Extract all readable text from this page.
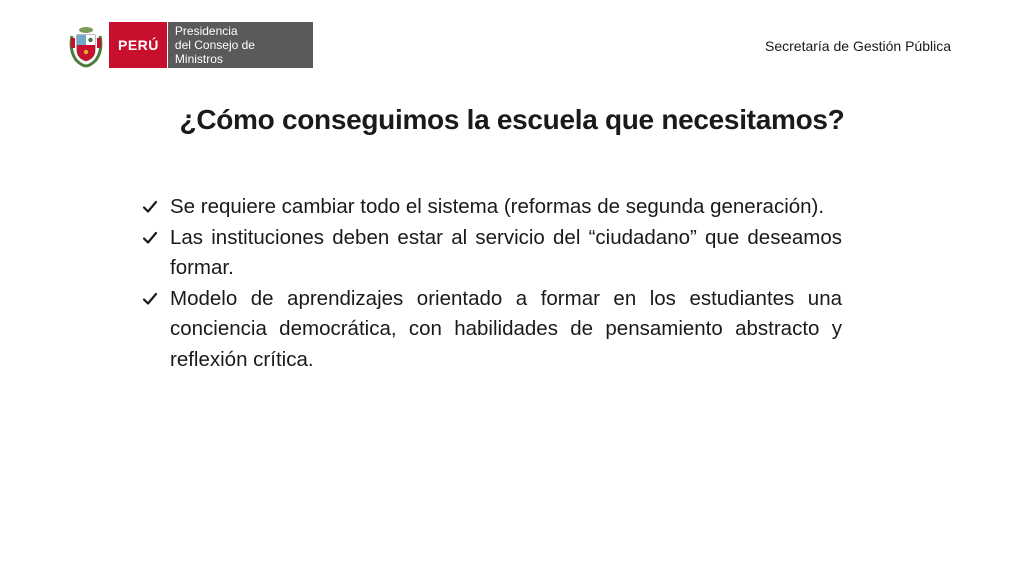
PERÚ
Presidencia
del Consejo de Ministros
Secretaría de Gestión Pública
¿Cómo conseguimos la escuela que necesitamos?
Se requiere cambiar todo el sistema (reformas de segunda generación).
Las instituciones deben estar al servicio del “ciudadano” que deseamos formar.
Modelo de aprendizajes orientado a formar en los estudiantes una conciencia democrática, con habilidades de pensamiento abstracto y reflexión crítica.
